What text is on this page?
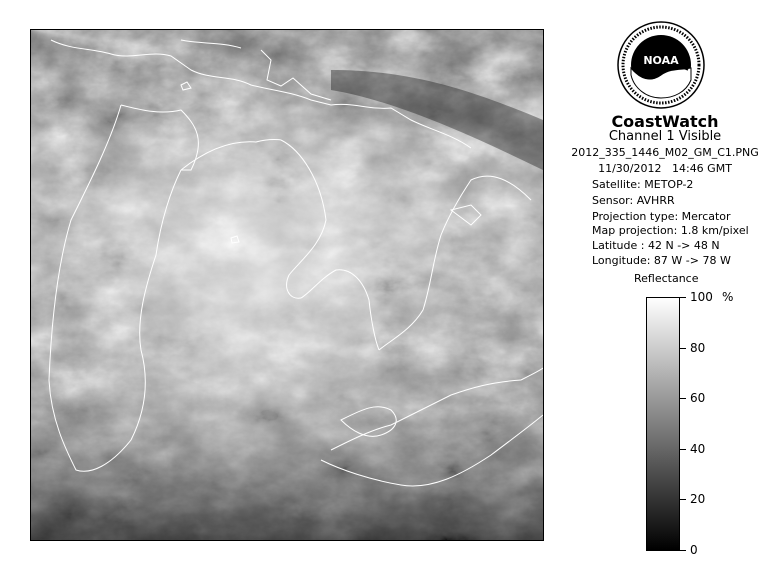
NOAA
CoastWatch
Channel 1 Visible
2012_335_1446_M02_GM_C1.PNG
11/30/2012 14:46 GMT
Satellite: METOP-2
Sensor: AVHRR
Projection type: Mercator
Map projection: 1.8 km/pixel
Latitude : 42 N -> 48 N
Longitude: 87 W -> 78 W
Reflectance
%
100
80
60
40
20
0
